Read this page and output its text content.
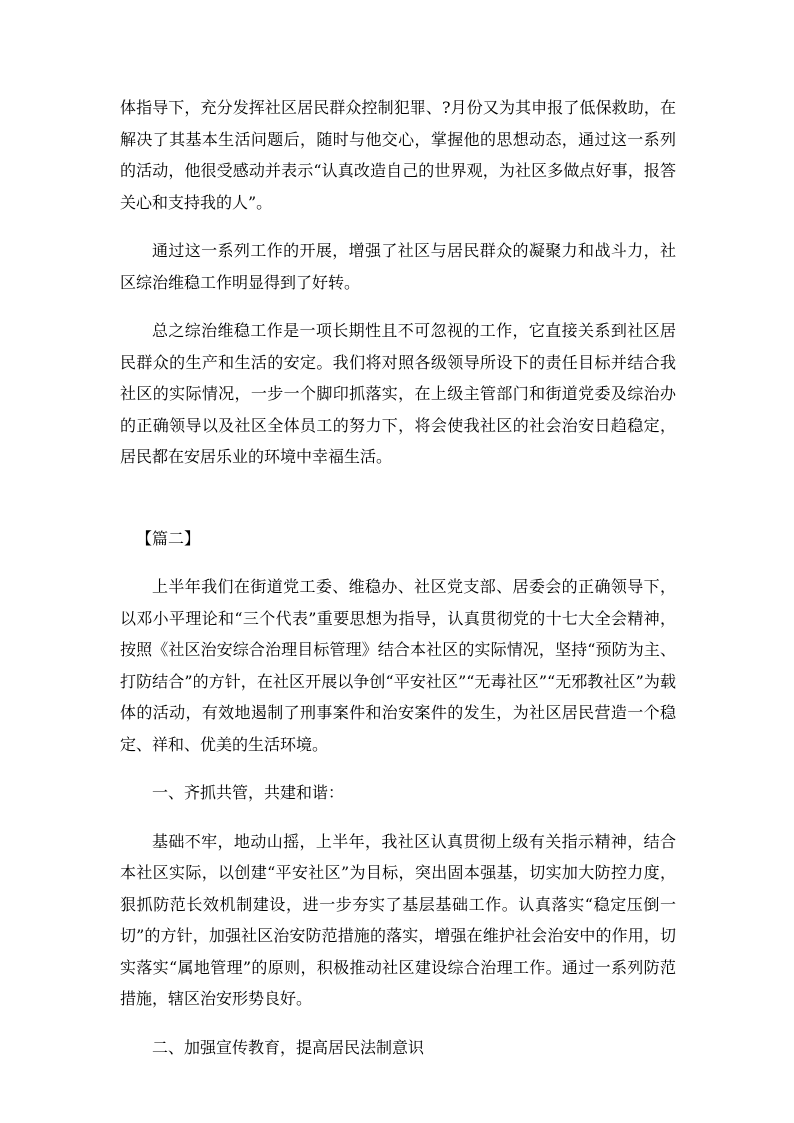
体指导下，充分发挥社区居民群众控制犯罪、?月份又为其申报了低保救助，在解决了其基本生活问题后，随时与他交心，掌握他的思想动态，通过这一系列的活动，他很受感动并表示“认真改造自己的世界观，为社区多做点好事，报答关心和支持我的人”。

通过这一系列工作的开展，增强了社区与居民群众的凝聚力和战斗力，社区综治维稳工作明显得到了好转。

总之综治维稳工作是一项长期性且不可忽视的工作，它直接关系到社区居民群众的生产和生活的安定。我们将对照各级领导所设下的责任目标并结合我社区的实际情况，一步一个脚印抓落实，在上级主管部门和街道党委及综治办的正确领导以及社区全体员工的努力下，将会使我社区的社会治安日趋稳定，居民都在安居乐业的环境中幸福生活。

【篇二】

上半年我们在街道党工委、维稳办、社区党支部、居委会的正确领导下，以邓小平理论和“三个代表”重要思想为指导，认真贯彻党的十七大全会精神，按照《社区治安综合治理目标管理》结合本社区的实际情况，坚持“预防为主、打防结合”的方针，在社区开展以争创“平安社区”“无毒社区”“无邪教社区”为载体的活动，有效地遏制了刑事案件和治安案件的发生，为社区居民营造一个稳定、祥和、优美的生活环境。

一、齐抓共管，共建和谐：

基础不牢，地动山摇，上半年，我社区认真贯彻上级有关指示精神，结合本社区实际，以创建“平安社区”为目标，突出固本强基，切实加大防控力度，狠抓防范长效机制建设，进一步夯实了基层基础工作。认真落实“稳定压倒一切”的方针，加强社区治安防范措施的落实，增强在维护社会治安中的作用，切实落实“属地管理”的原则，积极推动社区建设综合治理工作。通过一系列防范措施，辖区治安形势良好。

二、加强宣传教育，提高居民法制意识
